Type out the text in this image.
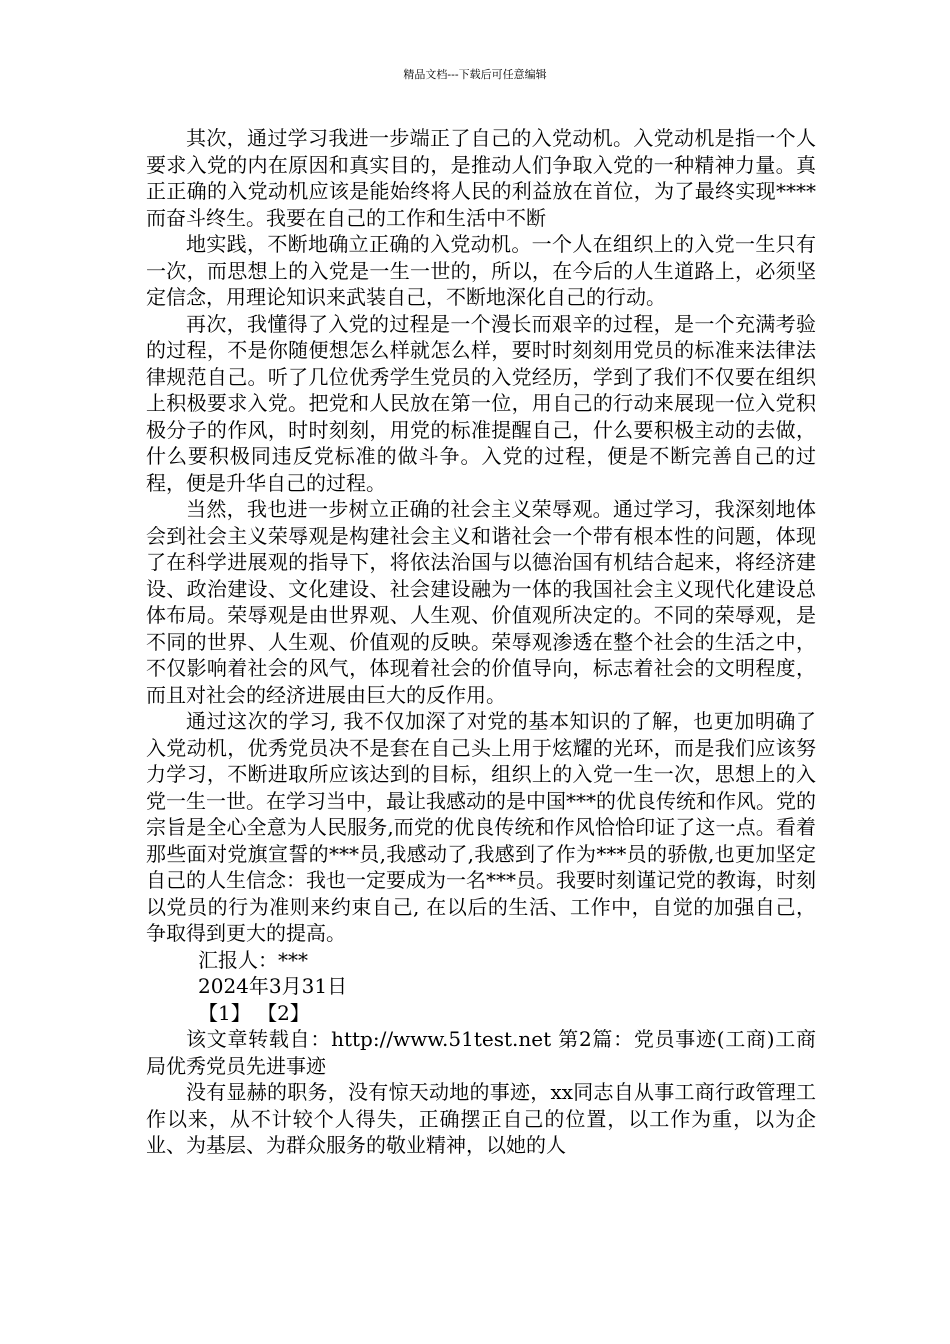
精品文档---下载后可任意编辑

其次，通过学习我进一步端正了自己的入党动机。入党动机是指一个人要求入党的内在原因和真实目的，是推动人们争取入党的一种精神力量。真正正确的入党动机应该是能始终将人民的利益放在首位，为了最终实现****而奋斗终生。我要在自己的工作和生活中不断

地实践，不断地确立正确的入党动机。一个人在组织上的入党一生只有一次，而思想上的入党是一生一世的，所以，在今后的人生道路上，必须坚定信念，用理论知识来武装自己，不断地深化自己的行动。

再次，我懂得了入党的过程是一个漫长而艰辛的过程，是一个充满考验的过程，不是你随便想怎么样就怎么样，要时时刻刻用党员的标准来法律法律规范自己。听了几位优秀学生党员的入党经历，学到了我们不仅要在组织上积极要求入党。把党和人民放在第一位，用自己的行动来展现一位入党积极分子的作风，时时刻刻，用党的标准提醒自己，什么要积极主动的去做，什么要积极同违反党标准的做斗争。入党的过程，便是不断完善自己的过程，便是升华自己的过程。

当然，我也进一步树立正确的社会主义荣辱观。通过学习，我深刻地体会到社会主义荣辱观是构建社会主义和谐社会一个带有根本性的问题，体现了在科学进展观的指导下，将依法治国与以德治国有机结合起来，将经济建设、政治建设、文化建设、社会建设融为一体的我国社会主义现代化建设总体布局。荣辱观是由世界观、人生观、价值观所决定的。不同的荣辱观，是不同的世界、人生观、价值观的反映。荣辱观渗透在整个社会的生活之中，不仅影响着社会的风气，体现着社会的价值导向，标志着社会的文明程度，而且对社会的经济进展由巨大的反作用。

通过这次的学习, 我不仅加深了对党的基本知识的了解，也更加明确了入党动机，优秀党员决不是套在自己头上用于炫耀的光环，而是我们应该努力学习，不断进取所应该达到的目标，组织上的入党一生一次，思想上的入党一生一世。在学习当中，最让我感动的是中国***的优良传统和作风。党的宗旨是全心全意为人民服务,而党的优良传统和作风恰恰印证了这一点。看着那些面对党旗宣誓的***员,我感动了,我感到了作为***员的骄傲,也更加坚定自己的人生信念：我也一定要成为一名***员。我要时刻谨记党的教诲，时刻以党员的行为准则来约束自己, 在以后的生活、工作中，自觉的加强自己，争取得到更大的提高。

汇报人：***

2024年3月31日

【1】 【2】

该文章转载自：http://www.51test.net 第2篇：党员事迹(工商)工商局优秀党员先进事迹

没有显赫的职务，没有惊天动地的事迹，xx同志自从事工商行政管理工作以来，从不计较个人得失，正确摆正自己的位置，以工作为重，以为企业、为基层、为群众服务的敬业精神，以她的人
